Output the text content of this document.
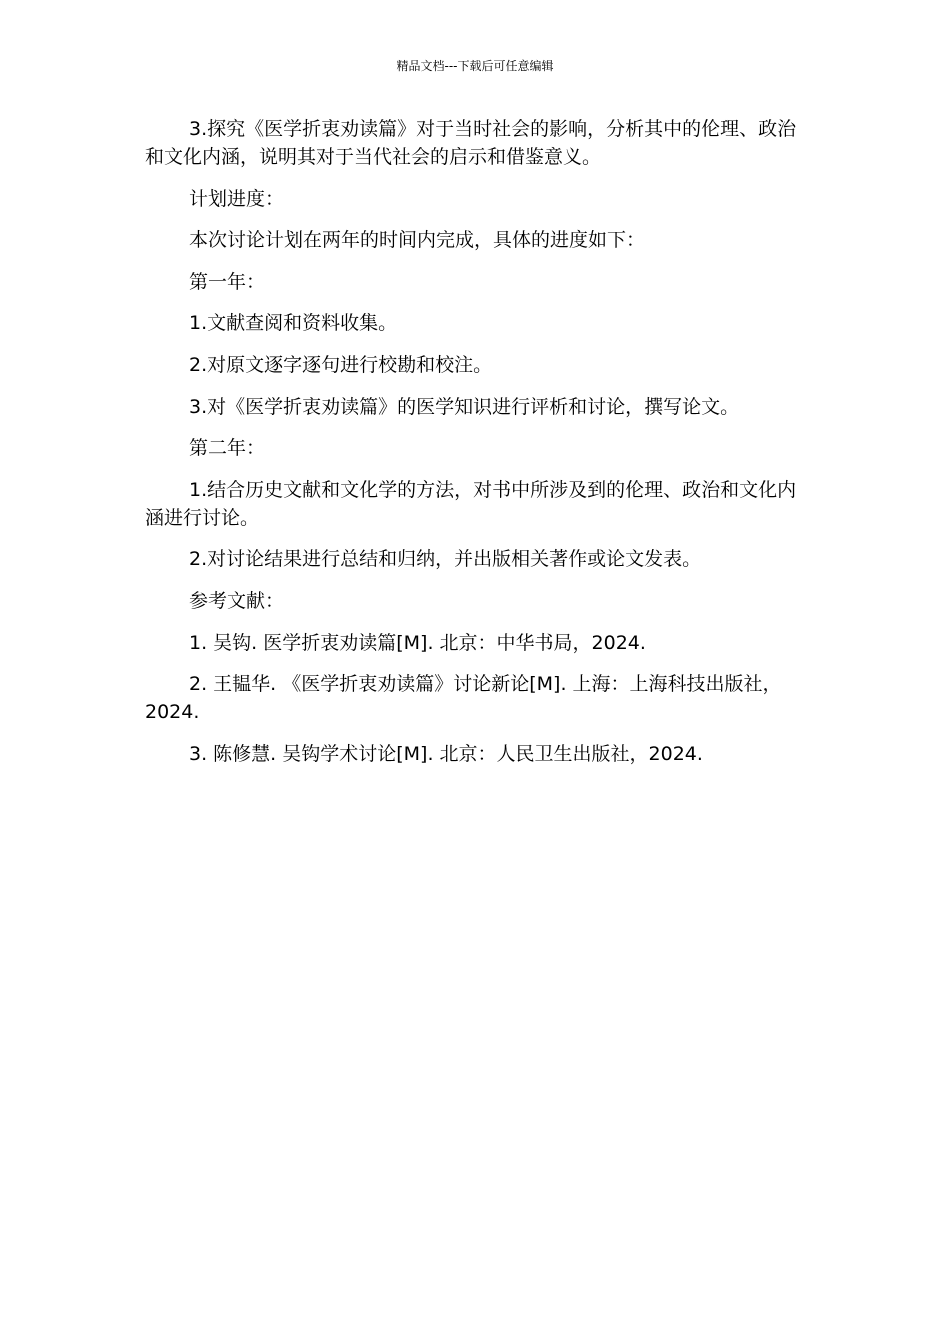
精品文档---下载后可任意编辑

3.探究《医学折衷劝读篇》对于当时社会的影响，分析其中的伦理、政治和文化内涵，说明其对于当代社会的启示和借鉴意义。

计划进度：

本次讨论计划在两年的时间内完成，具体的进度如下：

第一年：

1.文献查阅和资料收集。

2.对原文逐字逐句进行校勘和校注。

3.对《医学折衷劝读篇》的医学知识进行评析和讨论，撰写论文。

第二年：

1.结合历史文献和文化学的方法，对书中所涉及到的伦理、政治和文化内涵进行讨论。

2.对讨论结果进行总结和归纳，并出版相关著作或论文发表。

参考文献：

1. 吴钩. 医学折衷劝读篇[M]. 北京：中华书局，2024.

2. 王韫华. 《医学折衷劝读篇》讨论新论[M]. 上海：上海科技出版社，2024.

3. 陈修慧. 吴钩学术讨论[M]. 北京：人民卫生出版社，2024.
